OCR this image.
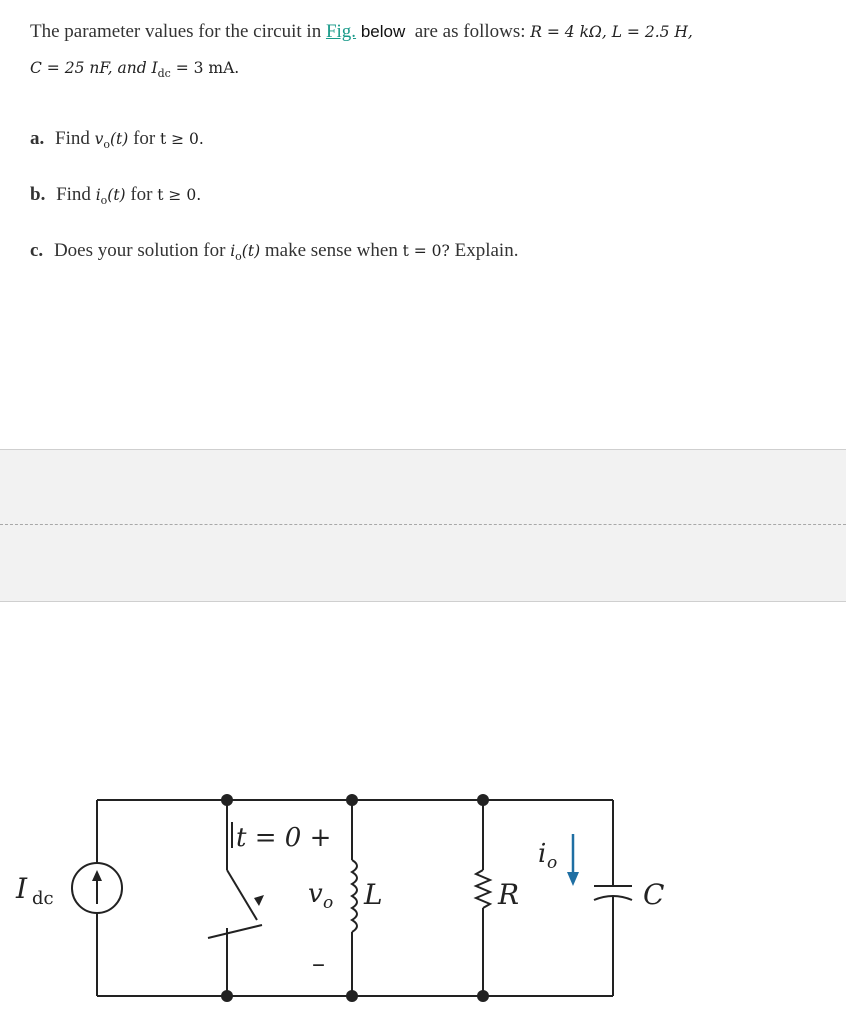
The parameter values for the circuit in Fig. below are as follows: R = 4 kΩ, L = 2.5 H,

C = 25 nF, and $I_{dc} = 3$ mA.

a. Find $v_o(t)$ for t ≥ 0.
b. Find $i_o(t)$ for t ≥ 0.
c. Does your solution for $i_o(t)$ make sense when t = 0? Explain.
I dc
t = 0 +
v o
–
L	R
i o
C
